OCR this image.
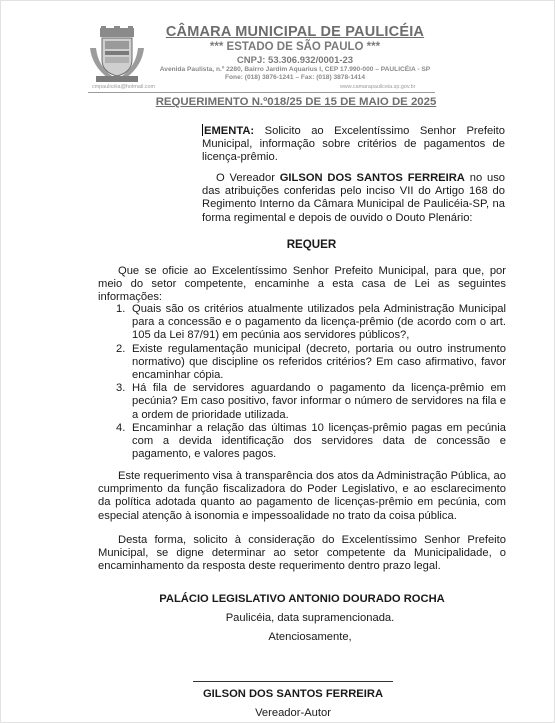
CÂMARA MUNICIPAL DE PAULICÉIA
*** ESTADO DE SÃO PAULO ***
CNPJ: 53.306.932/0001-23
Avenida Paulista, n.º 2280, Bairro Jardim Aquarius I, CEP 17.990-000 – PAULICÉIA - SP
Fone: (018) 3876-1241 – Fax: (018) 3878-1414
cmpaulicéia@hotmail.com	www.camarapauliceia.sp.gov.br
REQUERIMENTO N.º018/25 DE 15 DE MAIO DE 2025
EMENTA: Solicito ao Excelentíssimo Senhor Prefeito Municipal, informação sobre critérios de pagamentos de licença-prêmio.
O Vereador GILSON DOS SANTOS FERREIRA no uso das atribuições conferidas pelo inciso VII do Artigo 168 do Regimento Interno da Câmara Municipal de Paulicéia-SP, na forma regimental e depois de ouvido o Douto Plenário:
REQUER
Que se oficie ao Excelentíssimo Senhor Prefeito Municipal, para que, por meio do setor competente, encaminhe a esta casa de Lei as seguintes informações:
1. Quais são os critérios atualmente utilizados pela Administração Municipal para a concessão e o pagamento da licença-prêmio (de acordo com o art. 105 da Lei 87/91) em pecúnia aos servidores públicos?,
2. Existe regulamentação municipal (decreto, portaria ou outro instrumento normativo) que discipline os referidos critérios? Em caso afirmativo, favor encaminhar cópia.
3. Há fila de servidores aguardando o pagamento da licença-prêmio em pecúnia? Em caso positivo, favor informar o número de servidores na fila e a ordem de prioridade utilizada.
4. Encaminhar a relação das últimas 10 licenças-prêmio pagas em pecúnia com a devida identificação dos servidores data de concessão e pagamento, e valores pagos.
Este requerimento visa à transparência dos atos da Administração Pública, ao cumprimento da função fiscalizadora do Poder Legislativo, e ao esclarecimento da política adotada quanto ao pagamento de licenças-prêmio em pecúnia, com especial atenção à isonomia e impessoalidade no trato da coisa pública.
Desta forma, solicito à consideração do Excelentíssimo Senhor Prefeito Municipal, se digne determinar ao setor competente da Municipalidade, o encaminhamento da resposta deste requerimento dentro prazo legal.
PALÁCIO LEGISLATIVO ANTONIO DOURADO ROCHA
Paulicéia, data supramencionada.
Atenciosamente,
GILSON DOS SANTOS FERREIRA
Vereador-Autor
